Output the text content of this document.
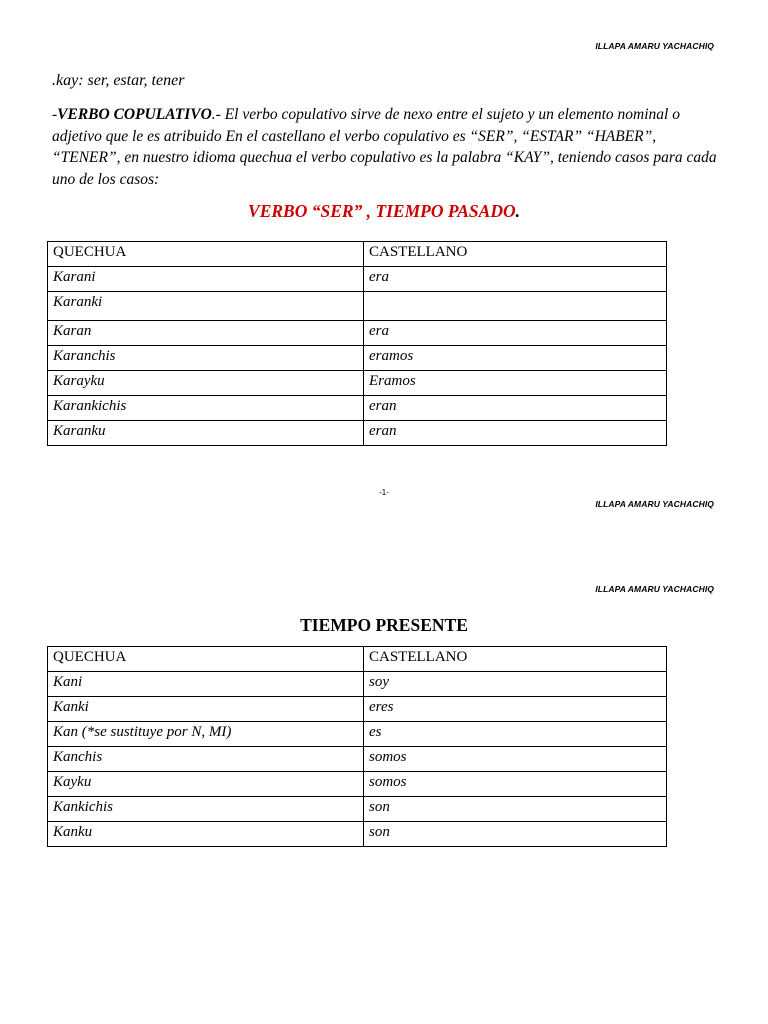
ILLAPA AMARU YACHACHIQ
.kay: ser, estar, tener
-VERBO COPULATIVO.- El verbo copulativo sirve de nexo entre el sujeto y un elemento nominal o adjetivo que le es atribuido En el castellano el verbo copulativo es “SER”, “ESTAR” “HABER”, “TENER”, en nuestro idioma quechua el verbo copulativo es la palabra “KAY”, teniendo casos para cada uno de los casos:
VERBO “SER” , TIEMPO PASADO.
QUECHUA	CASTELLANO
Karani	era
Karanki	
Karan	era
Karanchis	eramos
Karayku	Eramos
Karankichis	eran
Karanku	eran
-1-
ILLAPA AMARU YACHACHIQ
ILLAPA AMARU YACHACHIQ
TIEMPO PRESENTE
QUECHUA	CASTELLANO
Kani	soy
Kanki	eres
Kan (*se sustituye por N, MI)	es
Kanchis	somos
Kayku	somos
Kankichis	son
Kanku	son
